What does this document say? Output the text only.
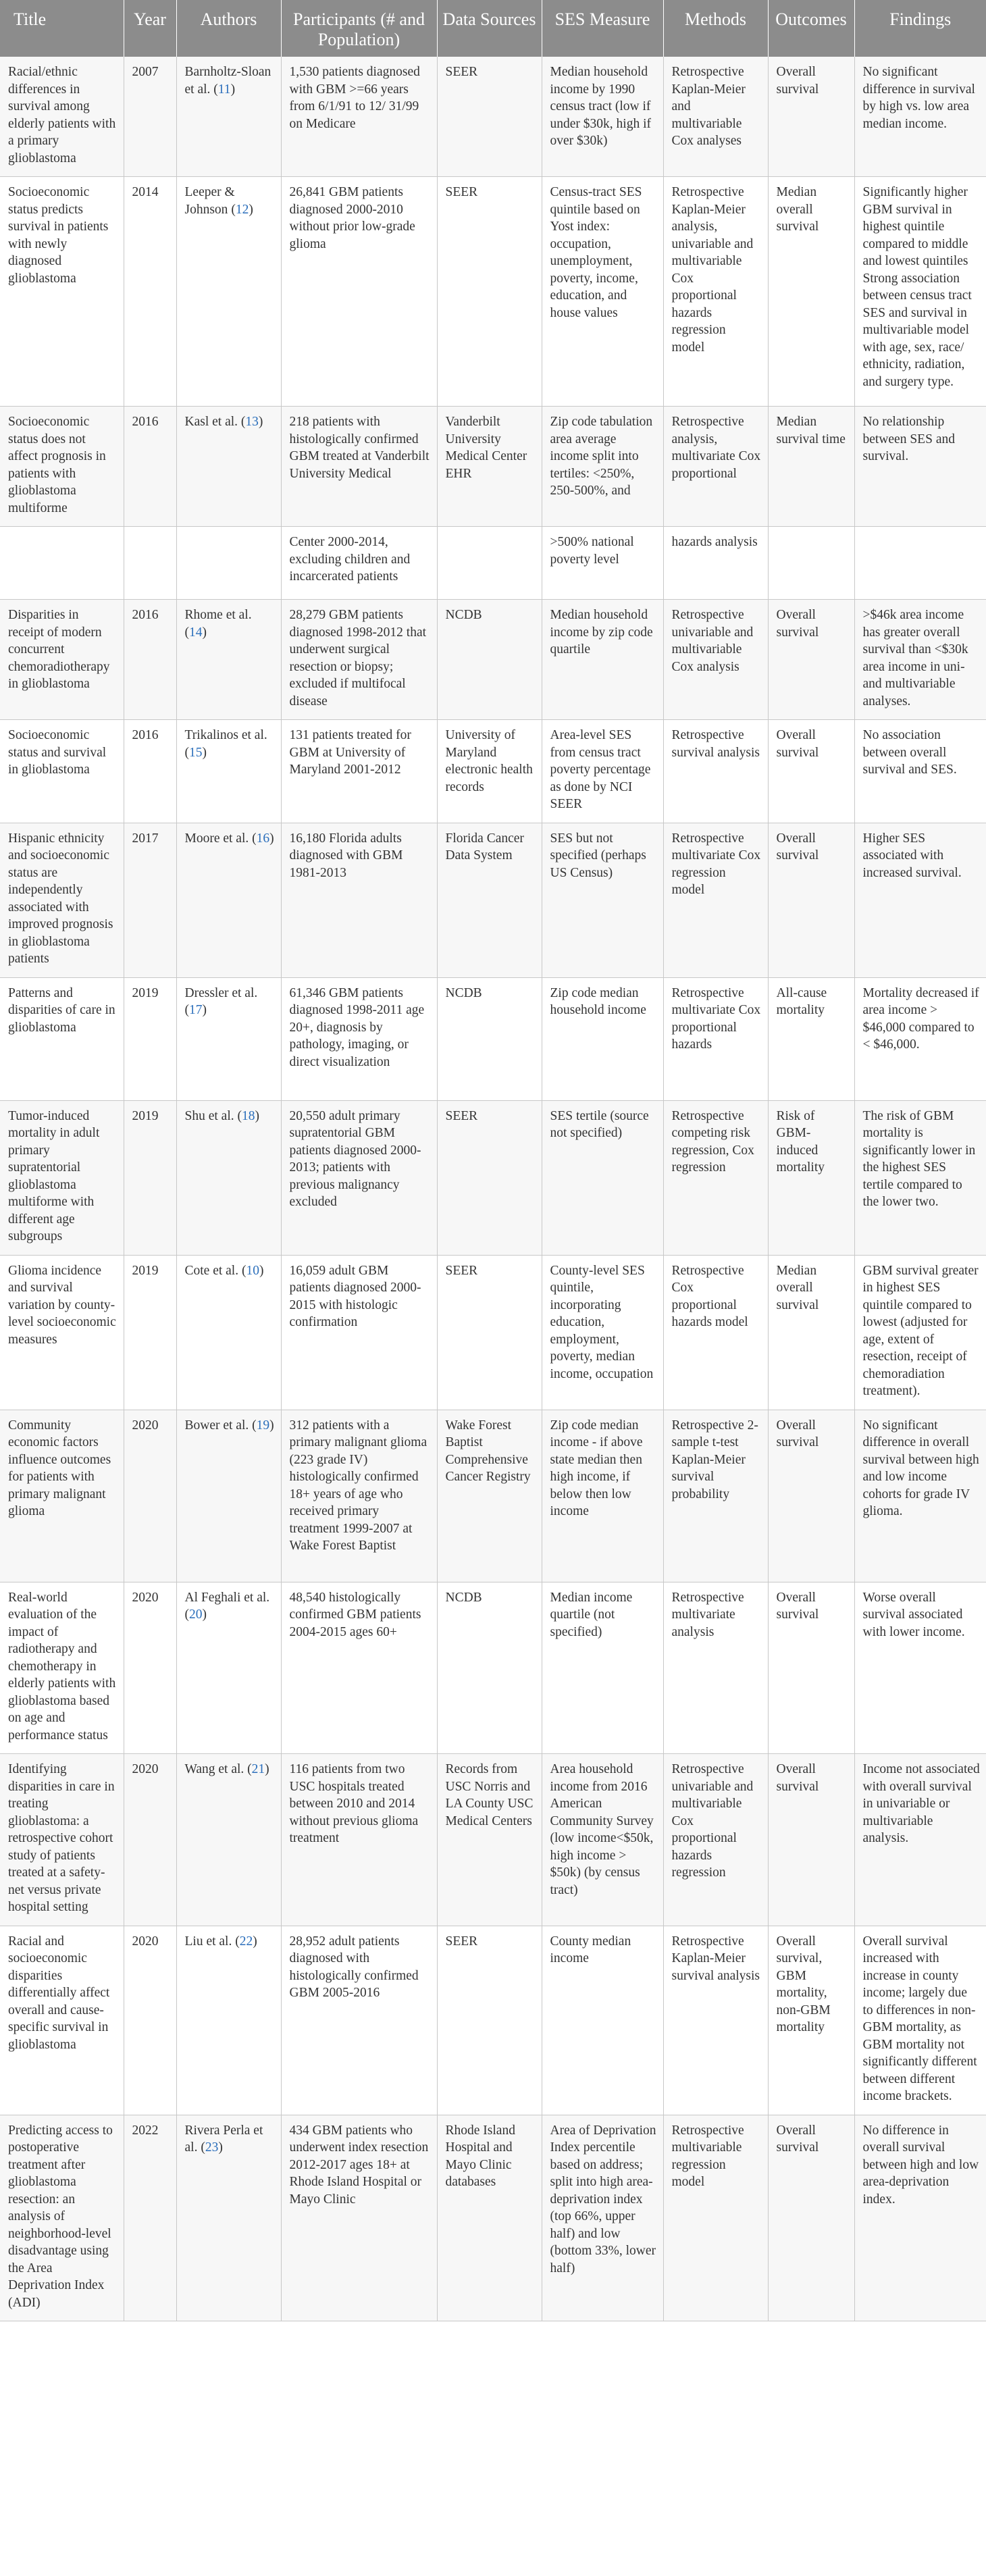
Title	Year	Authors	Participants (# and Population)	Data Sources	SES Measure	Methods	Outcomes	Findings
Racial/ethnic differences in survival among elderly patients with a primary glioblastoma	2007	Barnholtz-Sloan et al. (11)	1,530 patients diagnosed with GBM >=66 years from 6/1/91 to 12/ 31/99 on Medicare	SEER	Median household income by 1990 census tract (low if under $30k, high if over $30k)	Retrospective Kaplan-Meier and multivariable Cox analyses	Overall survival	No significant difference in survival by high vs. low area median income.
Socioeconomic status predicts survival in patients with newly diagnosed glioblastoma	2014	Leeper & Johnson (12)	26,841 GBM patients diagnosed 2000-2010 without prior low-grade glioma	SEER	Census-tract SES quintile based on Yost index: occupation, unemployment, poverty, income, education, and house values	Retrospective Kaplan-Meier analysis, univariable and multivariable Cox proportional hazards regression model	Median overall survival	Significantly higher GBM survival in highest quintile compared to middle and lowest quintiles Strong association between census tract SES and survival in multivariable model with age, sex, race/ ethnicity, radiation, and surgery type.
Socioeconomic status does not affect prognosis in patients with glioblastoma multiforme	2016	Kasl et al. (13)	218 patients with histologically confirmed GBM treated at Vanderbilt University Medical	Vanderbilt University Medical Center EHR	Zip code tabulation area average income split into tertiles: <250%, 250-500%, and	Retrospective analysis, multivariate Cox proportional	Median survival time	No relationship between SES and survival.
			Center 2000-2014, excluding children and incarcerated patients		>500% national poverty level	hazards analysis		
Disparities in receipt of modern concurrent chemoradiotherapy in glioblastoma	2016	Rhome et al. (14)	28,279 GBM patients diagnosed 1998-2012 that underwent surgical resection or biopsy; excluded if multifocal disease	NCDB	Median household income by zip code quartile	Retrospective univariable and multivariable Cox analysis	Overall survival	>$46k area income has greater overall survival than <$30k area income in uni- and multivariable analyses.
Socioeconomic status and survival in glioblastoma	2016	Trikalinos et al. (15)	131 patients treated for GBM at University of Maryland 2001-2012	University of Maryland electronic health records	Area-level SES from census tract poverty percentage as done by NCI SEER	Retrospective survival analysis	Overall survival	No association between overall survival and SES.
Hispanic ethnicity and socioeconomic status are independently associated with improved prognosis in glioblastoma patients	2017	Moore et al. (16)	16,180 Florida adults diagnosed with GBM 1981-2013	Florida Cancer Data System	SES but not specified (perhaps US Census)	Retrospective multivariate Cox regression model	Overall survival	Higher SES associated with increased survival.
Patterns and disparities of care in glioblastoma	2019	Dressler et al. (17)	61,346 GBM patients diagnosed 1998-2011 age 20+, diagnosis by pathology, imaging, or direct visualization	NCDB	Zip code median household income	Retrospective multivariate Cox proportional hazards	All-cause mortality	Mortality decreased if area income > $46,000 compared to < $46,000.
Tumor-induced mortality in adult primary supratentorial glioblastoma multiforme with different age subgroups	2019	Shu et al. (18)	20,550 adult primary supratentorial GBM patients diagnosed 2000-2013; patients with previous malignancy excluded	SEER	SES tertile (source not specified)	Retrospective competing risk regression, Cox regression	Risk of GBM-induced mortality	The risk of GBM mortality is significantly lower in the highest SES tertile compared to the lower two.
Glioma incidence and survival variation by county-level socioeconomic measures	2019	Cote et al. (10)	16,059 adult GBM patients diagnosed 2000-2015 with histologic confirmation	SEER	County-level SES quintile, incorporating education, employment, poverty, median income, occupation	Retrospective Cox proportional hazards model	Median overall survival	GBM survival greater in highest SES quintile compared to lowest (adjusted for age, extent of resection, receipt of chemoradiation treatment).
Community economic factors influence outcomes for patients with primary malignant glioma	2020	Bower et al. (19)	312 patients with a primary malignant glioma (223 grade IV) histologically confirmed 18+ years of age who received primary treatment 1999-2007 at Wake Forest Baptist	Wake Forest Baptist Comprehensive Cancer Registry	Zip code median income - if above state median then high income, if below then low income	Retrospective 2-sample t-test Kaplan-Meier survival probability	Overall survival	No significant difference in overall survival between high and low income cohorts for grade IV glioma.
Real-world evaluation of the impact of radiotherapy and chemotherapy in elderly patients with glioblastoma based on age and performance status	2020	Al Feghali et al. (20)	48,540 histologically confirmed GBM patients 2004-2015 ages 60+	NCDB	Median income quartile (not specified)	Retrospective multivariate analysis	Overall survival	Worse overall survival associated with lower income.
Identifying disparities in care in treating glioblastoma: a retrospective cohort study of patients treated at a safety-net versus private hospital setting	2020	Wang et al. (21)	116 patients from two USC hospitals treated between 2010 and 2014 without previous glioma treatment	Records from USC Norris and LA County USC Medical Centers	Area household income from 2016 American Community Survey (low income<$50k, high income > $50k) (by census tract)	Retrospective univariable and multivariable Cox proportional hazards regression	Overall survival	Income not associated with overall survival in univariable or multivariable analysis.
Racial and socioeconomic disparities differentially affect overall and cause-specific survival in glioblastoma	2020	Liu et al. (22)	28,952 adult patients diagnosed with histologically confirmed GBM 2005-2016	SEER	County median income	Retrospective Kaplan-Meier survival analysis	Overall survival, GBM mortality, non-GBM mortality	Overall survival increased with increase in county income; largely due to differences in non-GBM mortality, as GBM mortality not significantly different between different income brackets.
Predicting access to postoperative treatment after glioblastoma resection: an analysis of neighborhood-level disadvantage using the Area Deprivation Index (ADI)	2022	Rivera Perla et al. (23)	434 GBM patients who underwent index resection 2012-2017 ages 18+ at Rhode Island Hospital or Mayo Clinic	Rhode Island Hospital and Mayo Clinic databases	Area of Deprivation Index percentile based on address; split into high area-deprivation index (top 66%, upper half) and low (bottom 33%, lower half)	Retrospective multivariable regression model	Overall survival	No difference in overall survival between high and low area-deprivation index.
